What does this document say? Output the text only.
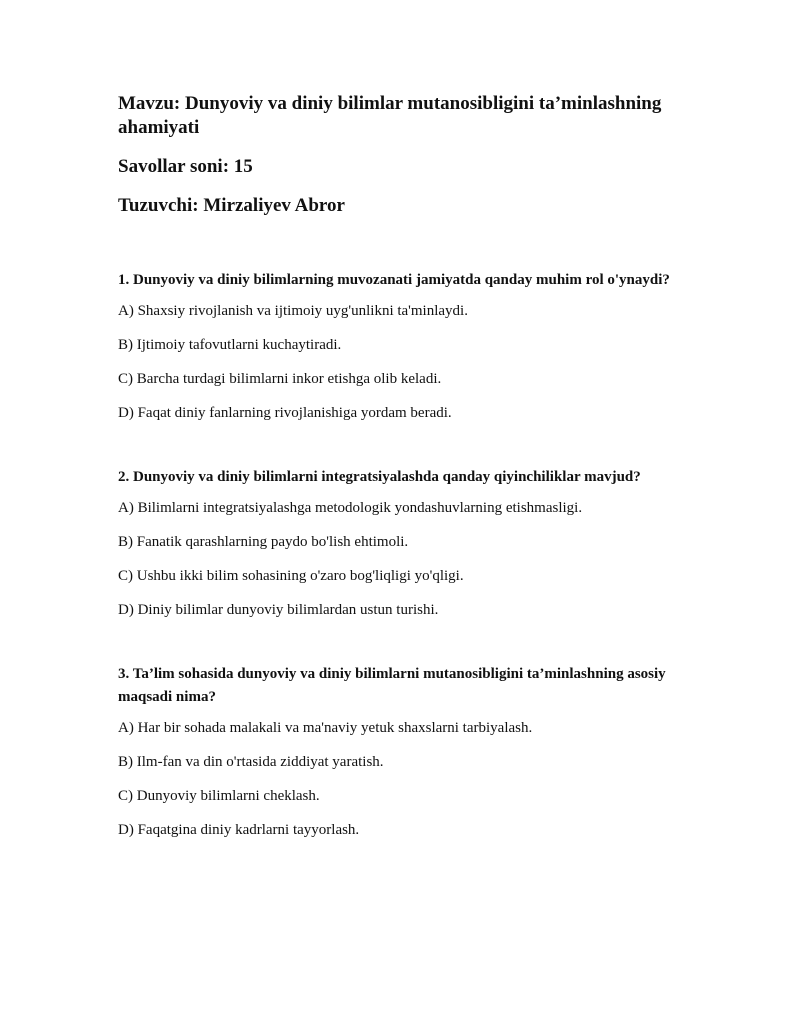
Mavzu: Dunyoviy va diniy bilimlar mutanosibligini ta’minlashning ahamiyati

Savollar soni: 15

Tuzuvchi: Mirzaliyev Abror

1. Dunyoviy va diniy bilimlarning muvozanati jamiyatda qanday muhim rol o'ynaydi?

A) Shaxsiy rivojlanish va ijtimoiy uyg'unlikni ta'minlaydi.

B) Ijtimoiy tafovutlarni kuchaytiradi.

C) Barcha turdagi bilimlarni inkor etishga olib keladi.

D) Faqat diniy fanlarning rivojlanishiga yordam beradi.

2. Dunyoviy va diniy bilimlarni integratsiyalashda qanday qiyinchiliklar mavjud?

A) Bilimlarni integratsiyalashga metodologik yondashuvlarning etishmasligi.

B) Fanatik qarashlarning paydo bo'lish ehtimoli.

C) Ushbu ikki bilim sohasining o'zaro bog'liqligi yo'qligi.

D) Diniy bilimlar dunyoviy bilimlardan ustun turishi.

3. Ta’lim sohasida dunyoviy va diniy bilimlarni mutanosibligini ta’minlashning asosiy maqsadi nima?

A) Har bir sohada malakali va ma'naviy yetuk shaxslarni tarbiyalash.

B) Ilm-fan va din o'rtasida ziddiyat yaratish.

C) Dunyoviy bilimlarni cheklash.

D) Faqatgina diniy kadrlarni tayyorlash.
